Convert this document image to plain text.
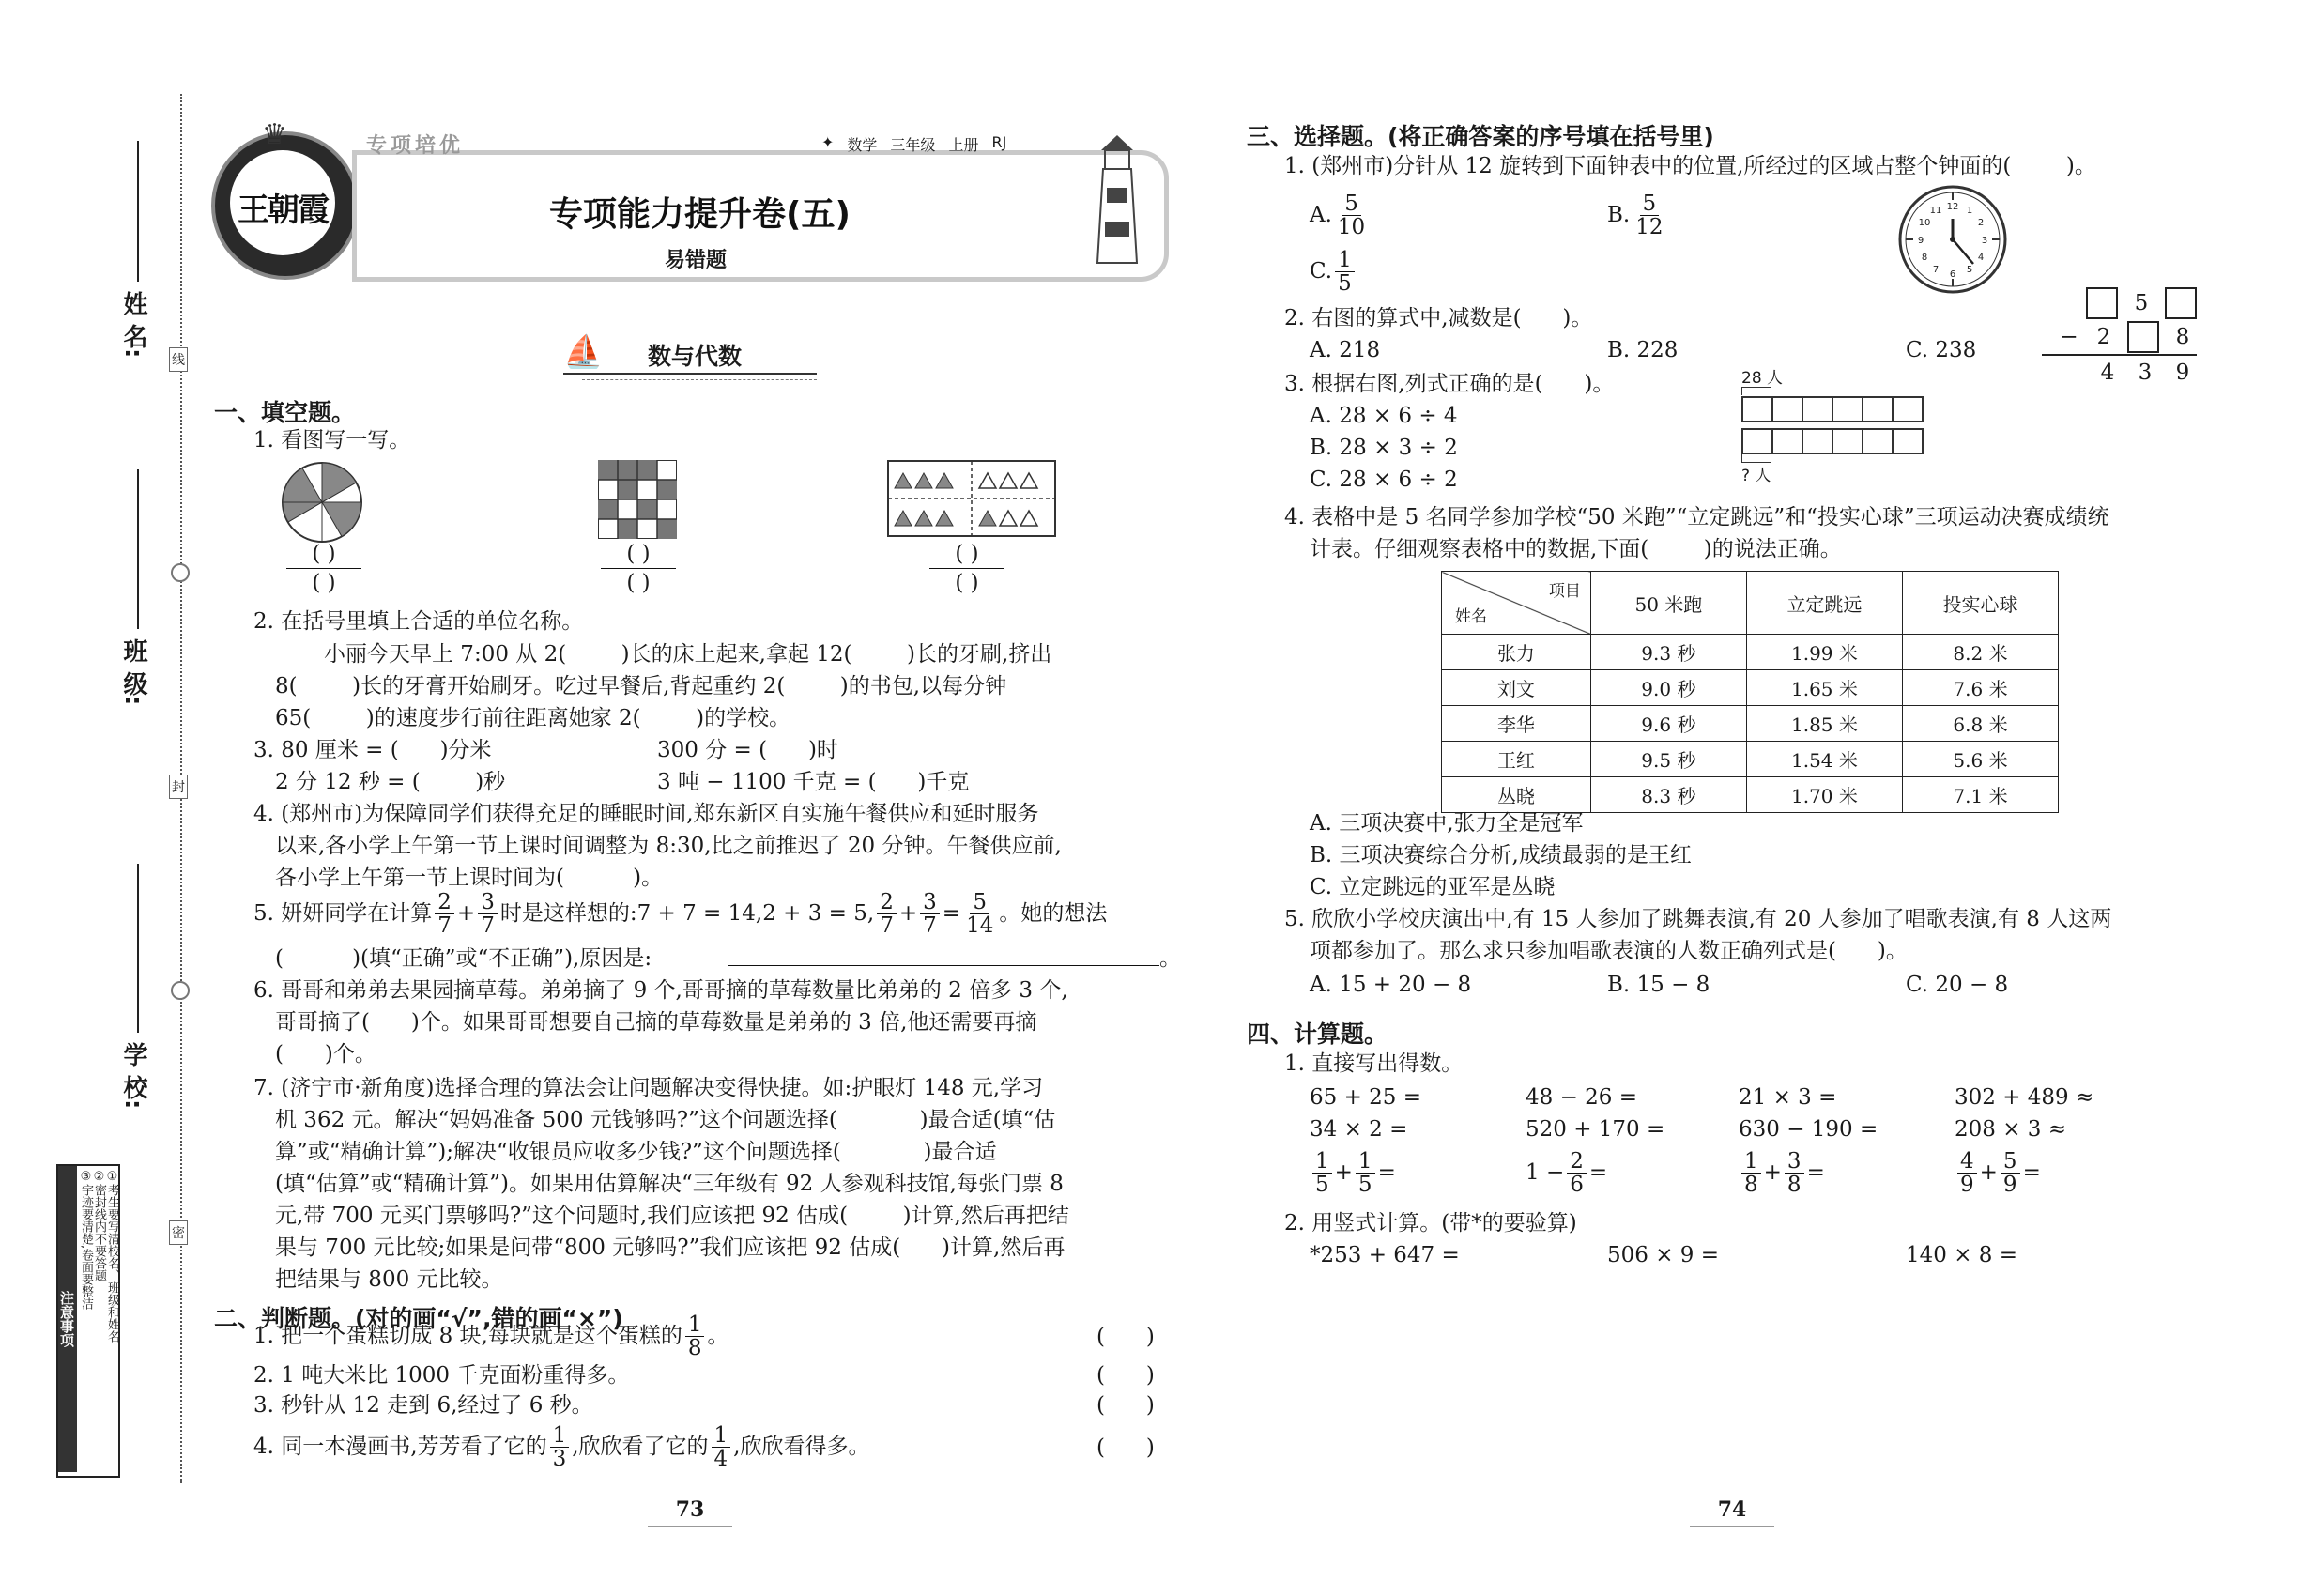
姓 名:
班 级:
学 校:
线
封
密
注意事项 ①考生要写清校名、班级和姓名
②密封线内不要答题
③字迹要清楚,卷面要整洁
王朝霞
♛	专项培优	✦ 数学 三年级 上册 RJ
专项能力提升卷(五)
易错题
⛵ 数与代数
一、填空题。
1. 看图写一写。
( )
( )
( )
( )
( )
( )
2. 在括号里填上合适的单位名称。
小丽今天早上 7:00 从 2(        )长的床上起来,拿起 12(        )长的牙刷,挤出
8(        )长的牙膏开始刷牙。吃过早餐后,背起重约 2(        )的书包,以每分钟
65(        )的速度步行前往距离她家 2(        )的学校。
3. 80 厘米 = (      )分米	300 分 = (      )时
2 分 12 秒 = (        )秒	3 吨 − 1100 千克 = (      )千克
4. (郑州市)为保障同学们获得充足的睡眠时间,郑东新区自实施午餐供应和延时服务
以来,各小学上午第一节上课时间调整为 8:30,比之前推迟了 20 分钟。午餐供应前,
各小学上午第一节上课时间为(          )。
5. 妍妍同学在计算 $\frac{2}{7} + \frac{3}{7}$ 时是这样想的:7 + 7 = 14,2 + 3 = 5, $\frac{2}{7} + \frac{3}{7} = \frac{5}{14}$ 。她的想法
(          )(填“正确”或“不正确”),原因是:	。
6. 哥哥和弟弟去果园摘草莓。弟弟摘了 9 个,哥哥摘的草莓数量比弟弟的 2 倍多 3 个,
哥哥摘了(      )个。如果哥哥想要自己摘的草莓数量是弟弟的 3 倍,他还需要再摘
(      )个。
7. (济宁市·新角度)选择合理的算法会让问题解决变得快捷。如:护眼灯 148 元,学习
机 362 元。解决“妈妈准备 500 元钱够吗?”这个问题选择(            )最合适(填“估
算”或“精确计算”);解决“收银员应收多少钱?”这个问题选择(            )最合适
(填“估算”或“精确计算”)。如果用估算解决“三年级有 92 人参观科技馆,每张门票 8
元,带 700 元买门票够吗?”这个问题时,我们应该把 92 估成(        )计算,然后再把结
果与 700 元比较;如果是问带“800 元够吗?”我们应该把 92 估成(      )计算,然后再
把结果与 800 元比较。
二、判断题。(对的画“√”,错的画“×”)
1. 把一个蛋糕切成 8 块,每块就是这个蛋糕的 $\frac{1}{8}$ 。	(      )
2. 1 吨大米比 1000 千克面粉重得多。	(      )
3. 秒针从 12 走到 6,经过了 6 秒。	(      )
4. 同一本漫画书,芳芳看了它的 $\frac{1}{3}$ ,欣欣看了它的 $\frac{1}{4}$ ,欣欣看得多。	(      )
73
三、选择题。(将正确答案的序号填在括号里)
1. (郑州市)分针从 12 旋转到下面钟表中的位置,所经过的区域占整个钟面的(        )。
A. $\frac{5}{10}$	B. $\frac{5}{12}$
C. $\frac{1}{5}$
12 1
2
3
4
5
6
7
8
9
10
11
2. 右图的算式中,减数是(      )。
A. 218	B. 228	C. 238
5
− 2	8
4	3	9
3. 根据右图,列式正确的是(      )。
A. 28 × 6 ÷ 4
B. 28 × 3 ÷ 2
C. 28 × 6 ÷ 2
28 人
? 人
4. 表格中是 5 名同学参加学校“50 米跑”“立定跳远”和“投实心球”三项运动决赛成绩统
计表。仔细观察表格中的数据,下面(        )的说法正确。
项目
姓名	50 米跑	立定跳远	投实心球
张力	9.3 秒	1.99 米	8.2 米
刘文	9.0 秒	1.65 米	7.6 米
李华	9.6 秒	1.85 米	6.8 米
王红	9.5 秒	1.54 米	5.6 米
丛晓	8.3 秒	1.70 米	7.1 米
A. 三项决赛中,张力全是冠军
B. 三项决赛综合分析,成绩最弱的是王红
C. 立定跳远的亚军是丛晓
5. 欣欣小学校庆演出中,有 15 人参加了跳舞表演,有 20 人参加了唱歌表演,有 8 人这两
项都参加了。那么求只参加唱歌表演的人数正确列式是(      )。
A. 15 + 20 − 8	B. 15 − 8	C. 20 − 8
四、计算题。
1. 直接写出得数。
65 + 25 =	48 − 26 =	21 × 3 =	302 + 489 ≈
34 × 2 =	520 + 170 =	630 − 190 =	208 × 3 ≈
$\frac{1}{5} + \frac{1}{5}$ =	$1 - \frac{2}{6}$ =	$\frac{1}{8} + \frac{3}{8}$ =	$\frac{4}{9} + \frac{5}{9}$ =
2. 用竖式计算。(带*的要验算)
*253 + 647 =	506 × 9 =	140 × 8 =
74
